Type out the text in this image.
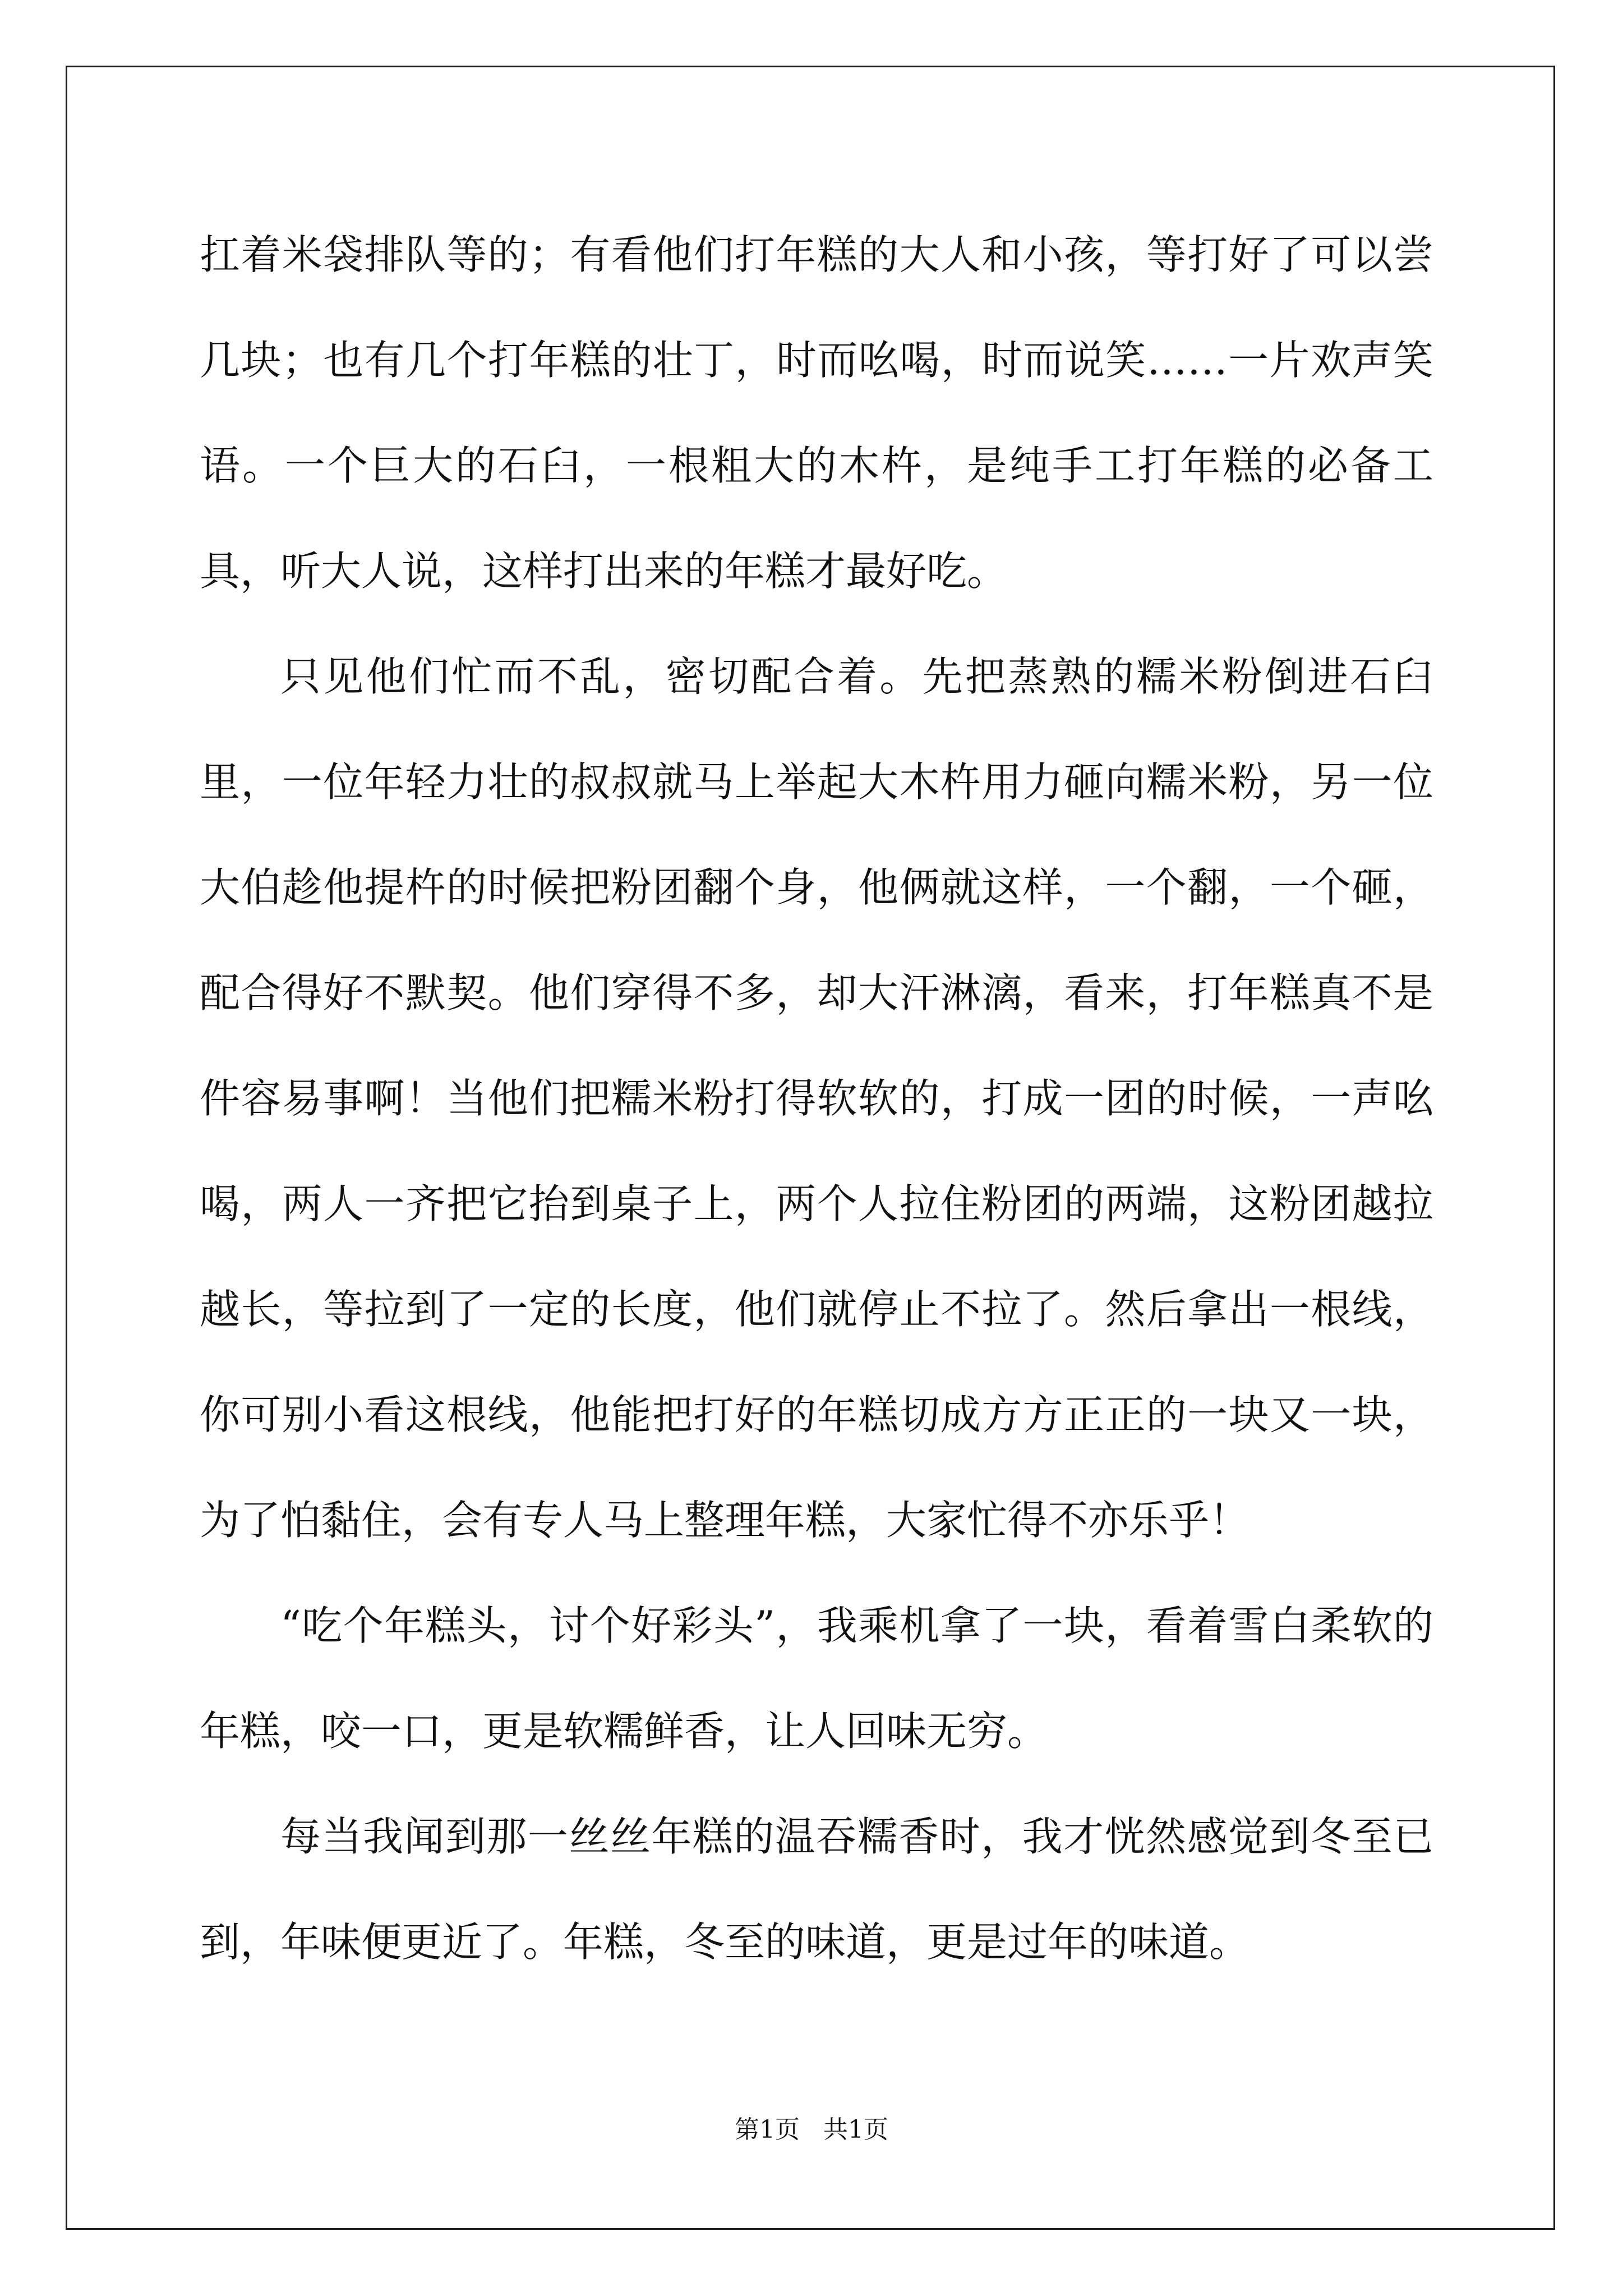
扛着米袋排队等的；有看他们打年糕的大人和小孩，等打好了可以尝几块；也有几个打年糕的壮丁，时而吆喝，时而说笑……一片欢声笑语。一个巨大的石臼，一根粗大的木杵，是纯手工打年糕的必备工具，听大人说，这样打出来的年糕才最好吃。

只见他们忙而不乱，密切配合着。先把蒸熟的糯米粉倒进石臼里，一位年轻力壮的叔叔就马上举起大木杵用力砸向糯米粉，另一位大伯趁他提杵的时候把粉团翻个身，他俩就这样，一个翻，一个砸，配合得好不默契。他们穿得不多，却大汗淋漓，看来，打年糕真不是件容易事啊！当他们把糯米粉打得软软的，打成一团的时候，一声吆喝，两人一齐把它抬到桌子上，两个人拉住粉团的两端，这粉团越拉越长，等拉到了一定的长度，他们就停止不拉了。然后拿出一根线，你可别小看这根线，他能把打好的年糕切成方方正正的一块又一块，为了怕黏住，会有专人马上整理年糕，大家忙得不亦乐乎！

“吃个年糕头，讨个好彩头”，我乘机拿了一块，看着雪白柔软的年糕，咬一口，更是软糯鲜香，让人回味无穷。

每当我闻到那一丝丝年糕的温吞糯香时，我才恍然感觉到冬至已到，年味便更近了。年糕，冬至的味道，更是过年的味道。

第1页   共1页
